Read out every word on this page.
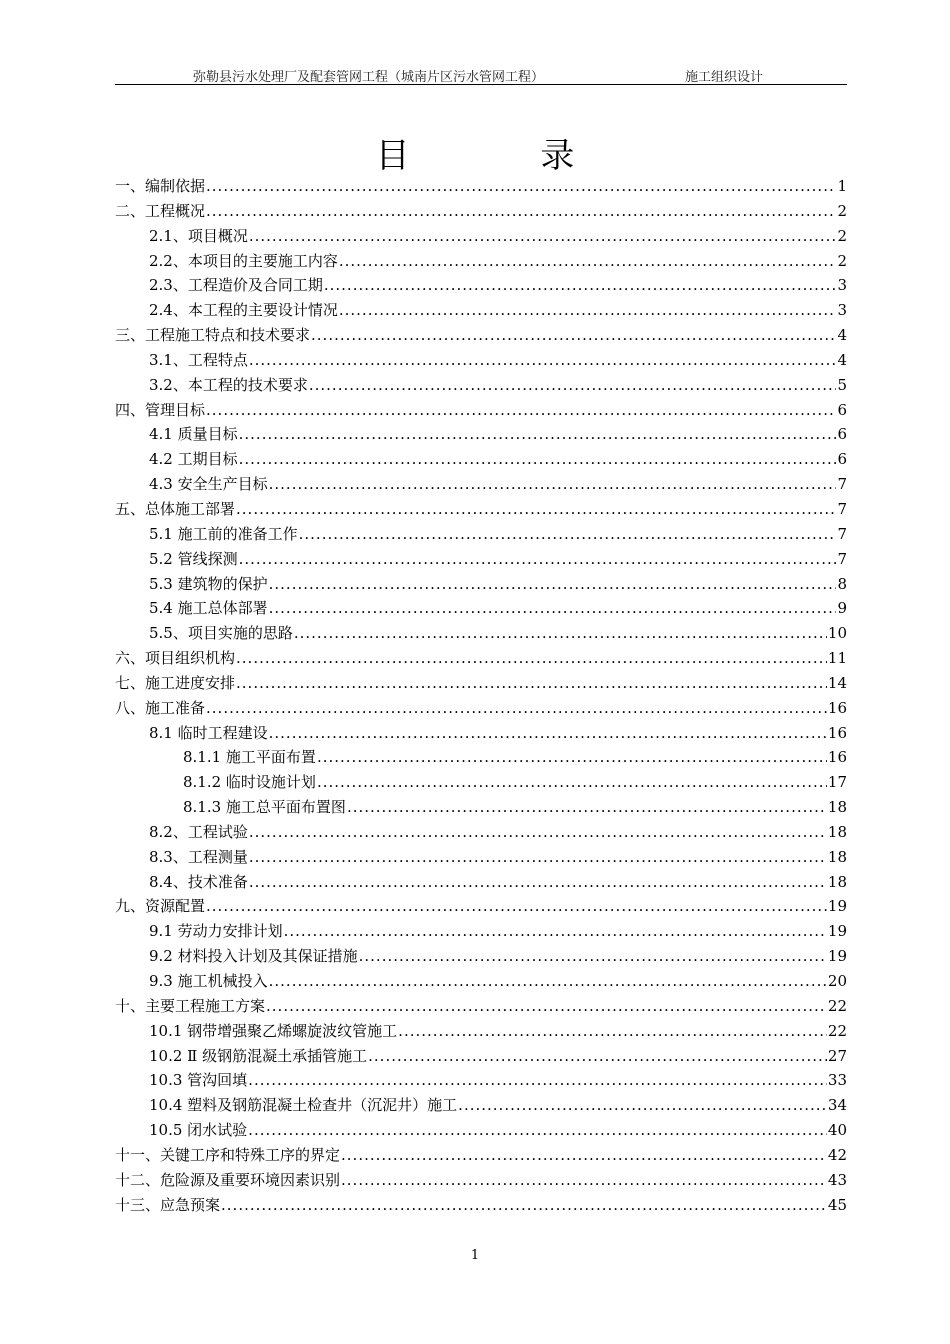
弥勒县污水处理厂及配套管网工程（城南片区污水管网工程）	施工组织设计
目 录
一、编制依据 .....	1
二、工程概况 .....	2
2.1、项目概况 .....	2
2.2、本项目的主要施工内容 .....	2
2.3、工程造价及合同工期 .....	3
2.4、本工程的主要设计情况 .....	3
三、工程施工特点和技术要求 .....	4
3.1、工程特点 .....	4
3.2、本工程的技术要求 .....	5
四、管理目标 .....	6
4.1 质量目标 .....	6
4.2 工期目标 .....	6
4.3 安全生产目标 .....	7
五、总体施工部署 .....	7
5.1 施工前的准备工作 .....	7
5.2 管线探测 .....	7
5.3 建筑物的保护 .....	8
5.4 施工总体部署 .....	9
5.5、项目实施的思路 .....	10
六、项目组织机构 .....	11
七、施工进度安排 .....	14
八、施工准备 .....	16
8.1 临时工程建设 .....	16
8.1.1 施工平面布置 .....	16
8.1.2 临时设施计划 .....	17
8.1.3 施工总平面布置图 .....	18
8.2、工程试验 .....	18
8.3、工程测量 .....	18
8.4、技术准备 .....	18
九、资源配置 .....	19
9.1 劳动力安排计划 .....	19
9.2 材料投入计划及其保证措施 .....	19
9.3 施工机械投入 .....	20
十、主要工程施工方案 .....	22
10.1 钢带增强聚乙烯螺旋波纹管施工 .....	22
10.2 Ⅱ 级钢筋混凝土承插管施工 .....	27
10.3 管沟回填 .....	33
10.4 塑料及钢筋混凝土检查井（沉泥井）施工 .....	34
10.5 闭水试验 .....	40
十一、关键工序和特殊工序的界定 .....	42
十二、危险源及重要环境因素识别 .....	43
十三、应急预案 .....	45
1
